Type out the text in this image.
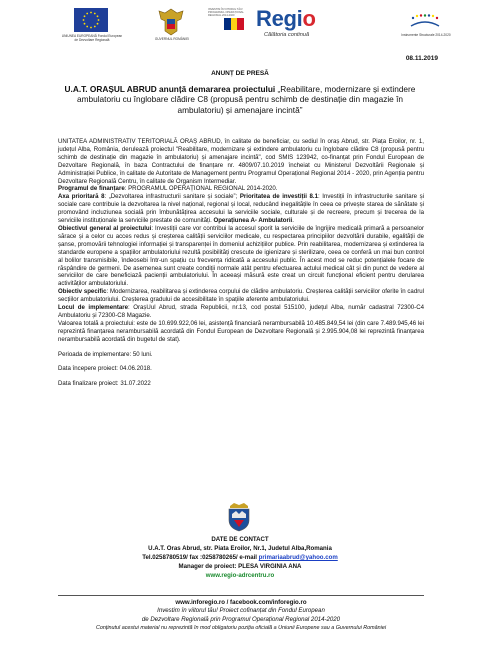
UNIUNEA EUROPEANĂ Fondul European de Dezvoltare Regională	GUVERNUL ROMÂNIEI
INVESTIM ÎN VIITORUL TĂU! PROGRAMUL OPERAȚIONAL REGIONAL 2014-2020 Regio
Călătoria continuă	Instrumente Structurale 2014-2020
08.11.2019
ANUNȚ DE PRESĂ
U.A.T. ORAȘUL ABRUD anunță demararea proiectului „Reabilitare, modernizare și extindere ambulatoriu cu înglobare clădire C8 (propusă pentru schimb de destinație din magazie în ambulatoriu) și amenajare incintă”

UNITATEA ADMINISTRATIV TERITORIALĂ ORAȘ ABRUD, în calitate de beneficiar, cu sediul în oraș Abrud, str. Piața Eroilor, nr. 1, județul Alba, România, derulează proiectul "Reabilitare, modernizare și extindere ambulatoriu cu înglobare clădire C8 (propusă pentru schimb de destinație din magazie în ambulatoriu) și amenajare incintă", cod SMIS 123942, co-finanțat prin Fondul European de Dezvoltare Regională, în baza Contractului de finanțare nr. 4809/07.10.2019 încheiat cu Ministerul Dezvoltării Regionale și Administrației Publice, în calitate de Autoritate de Management pentru Programul Operațional Regional 2014 - 2020, prin Agenția pentru Dezvoltare Regională Centru, în calitate de Organism Intermediar.

Programul de finanțare: PROGRAMUL OPERAȚIONAL REGIONAL 2014-2020.

Axa prioritară 8: „Dezvoltarea infrastructurii sanitare și sociale”; Prioritatea de investiții 8.1: Investiții în infrastructurile sanitare și sociale care contribuie la dezvoltarea la nivel național, regional și local, reducând inegalitățile în ceea ce privește starea de sănătate și promovând incluziunea socială prin îmbunătățirea accesului la serviciile sociale, culturale și de recreere, precum și trecerea de la serviciile instituționale la serviciile prestate de comunități. Operațiunea A- Ambulatorii.

Obiectivul general al proiectului: Investiții care vor contribui la accesul sporit la serviciile de îngrijire medicală primară a persoanelor sărace și a celor cu acces redus și creșterea calității serviciilor medicale, cu respectarea principiilor dezvoltării durabile, egalității de șanse, promovării tehnologiei informației și transparenței în domeniul achizițiilor publice. Prin reabilitarea, modernizarea și extinderea la standarde europene a spațiilor ambulatoriului rezultă posibilități crescute de igienizare și sterilizare, ceea ce conferă un mai bun control al bolilor transmisibile, îndeosebi într-un spațiu cu frecvența ridicată a accesului public. În acest mod se reduc potențialele focare de răspândire de germeni. De asemenea sunt create condiții normale atât pentru efectuarea actului medical cât și din punct de vedere al serviciilor de care beneficiază pacienții ambulatoriului. În aceeași măsură este creat un circuit funcțional eficient pentru derularea activităților ambulatoriului.

Obiectiv specific: Modernizarea, reabilitarea și extinderea corpului de clădire ambulatoriu. Creșterea calității serviciilor oferite în cadrul secțiilor ambulatoriului. Creșterea gradului de accesibilitate în spațiile aferente ambulatoriului.

Locul de implementare: OrașUul Abrud, strada Republicii, nr.13, cod postal 515100, județul Alba, număr cadastral 72300-C4 Ambulatoriu și 72300-C8 Magazie.

Valoarea totală a proiectului: este de 10.699.922,06 lei, asistență financiară nerambursabilă 10.485.849,54 lei (din care 7.489.945,46 lei reprezintă finanțarea nerambursabilă acordată din Fondul European de Dezvoltare Regională și 2.995.904,08 lei reprezintă finanțarea nerambursabilă acordată din bugetul de stat).

Perioada de implementare: 50 luni.

Data începere proiect: 04.06.2018.

Data finalizare proiect: 31.07.2022

DATE DE CONTACT
U.A.T. Oras Abrud, str. Piata Eroilor, Nr.1, Judetul Alba,Romania
Tel.0258780519/ fax :0258780265/ e-mail primariaabrud@yahoo.com
Manager de proiect: PLESA VIRGINIA ANA
www.regio-adrcentru.ro
www.inforegio.ro / facebook.com/inforegio.ro
Investim în viitorul tău! Proiect cofinanțat din Fondul European
de Dezvoltare Regională prin Programul Operațional Regional 2014-2020
Conținutul acestui material nu reprezintă în mod obligatoriu poziția oficială a Uniunii Europene sau a Guvernului României
